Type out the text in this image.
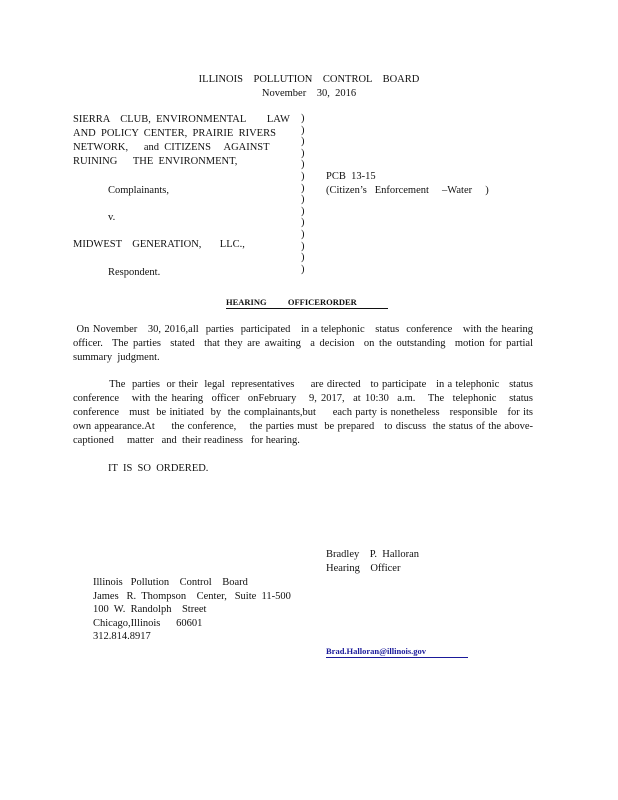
ILLINOIS    POLLUTION    CONTROL    BOARD
November    30,  2016
SIERRA    CLUB,  ENVIRONMENTAL        LAW
AND  POLICY  CENTER,  PRAIRIE  RIVERS
NETWORK,      and  CITIZENS     AGAINST
RUINING      THE  ENVIRONMENT,
Complainants,
v.
MIDWEST    GENERATION,       LLC.,
Respondent.
)
)
)
)
)
)
)
)
)
)
)
)
)
)
PCB  13-15
(Citizen’s   Enforcement     –Water     )
HEARING          OFFICERORDER
On November   30, 2016,all  parties  participated   in a telephonic   status  conference   with the hearing  officer.  The parties  stated  that they are awaiting  a decision  on the outstanding  motion for partial  summary  judgment.
The  parties  or their  legal  representatives     are directed   to participate   in a telephonic   status conference   with the hearing  officer  onFebruary   9, 2017,  at 10:30  a.m.   The  telephonic   status conference   must  be initiated  by  the complainants,but     each party is nonetheless   responsible   for its own appearance.At     the conference,    the parties must  be prepared   to discuss  the status of the above-captioned     matter   and  their readiness   for hearing.
IT  IS  SO  ORDERED.
Bradley    P.  Halloran
Hearing    Officer
Illinois   Pollution    Control    Board
James   R.  Thompson    Center,   Suite  11-500
100  W.  Randolph    Street
Chicago,Illinois      60601
312.814.8917
Brad.Halloran@illinois.gov
